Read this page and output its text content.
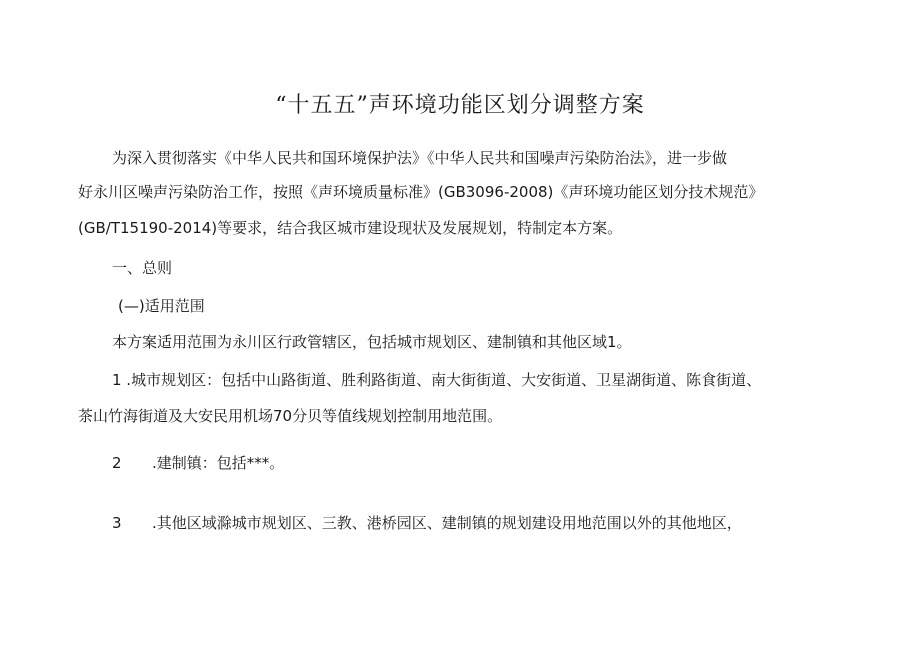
“十五五”声环境功能区划分调整方案
为深入贯彻落实《中华人民共和国环境保护法》《中华人民共和国噪声污染防治法》，进一步做
好永川区噪声污染防治工作，按照《声环境质量标准》(GB3096-2008)《声环境功能区划分技术规范》
(GB/T15190-2014)等要求，结合我区城市建设现状及发展规划，特制定本方案。
一、总则
(—)适用范围
本方案适用范围为永川区行政管辖区，包括城市规划区、建制镇和其他区域1。
1 .城市规划区：包括中山路街道、胜利路街道、南大街街道、大安街道、卫星湖街道、陈食街道、
茶山竹海街道及大安民用机场70分贝等值线规划控制用地范围。
2 .建制镇：包括***。
3 .其他区域滁城市规划区、三教、港桥园区、建制镇的规划建设用地范围以外的其他地区，
